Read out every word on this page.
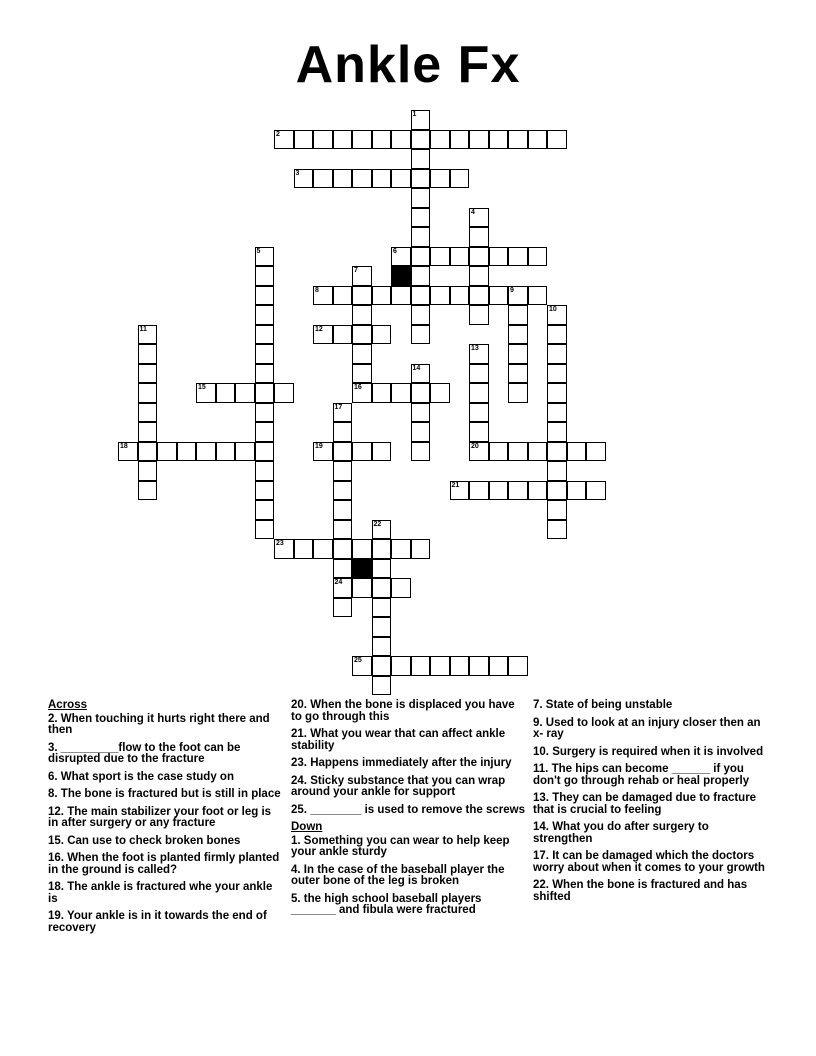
Ankle Fx
1
2
3
4
5	6
7
16
8	9
10
11	12
13
20
14
15
17
24
18	19
21
22
23
25
Across
2. When touching it hurts right there and then
3. _________flow to the foot can be disrupted due to the fracture
6. What sport is the case study on
8. The bone is fractured but is still in place
12. The main stabilizer your foot or leg is in after surgery or any fracture
15. Can use to check broken bones
16. When the foot is planted firmly planted in the ground is called?
18. The ankle is fractured whe your ankle is
19. Your ankle is in it towards the end of recovery
20. When the bone is displaced you have to go through this
21. What you wear that can affect ankle stability
23. Happens immediately after the injury
24. Sticky substance that you can wrap around your ankle for support
25. ________ is used to remove the screws
Down
1. Something you can wear to help keep your ankle sturdy
4. In the case of the baseball player the outer bone of the leg is broken
5. the high school baseball players _______ and fibula were fractured
7. State of being unstable
9. Used to look at an injury closer then an x- ray
10. Surgery is required when it is involved
11. The hips can become ______ if you don't go through rehab or heal properly
13. They can be damaged due to fracture that is crucial to feeling
14. What you do after surgery to strengthen
17. It can be damaged which the doctors worry about when it comes to your growth
22. When the bone is fractured and has shifted
